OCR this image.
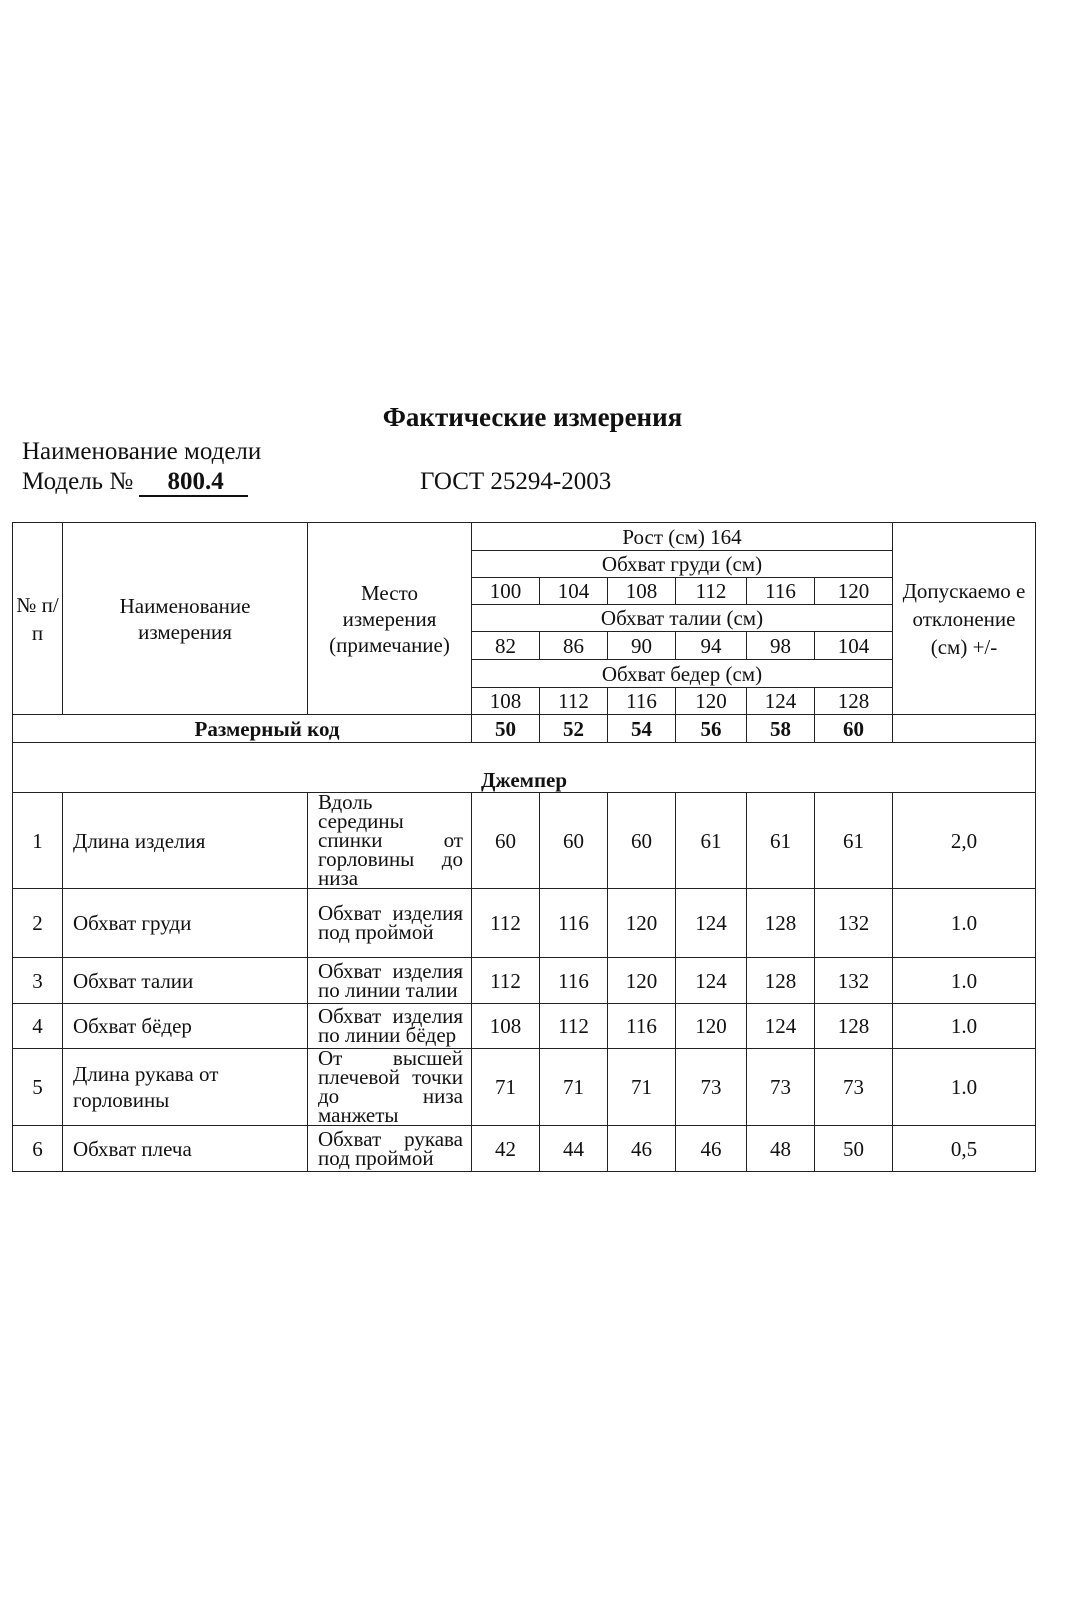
Фактические измерения
Наименование модели
Модель № 800.4	ГОСТ 25294-2003
№ п/ п	Наименование измерения	Место измерения (примечание)	Рост (см) 164						Допускаемо е отклонение (см) +/-
			Обхват груди (см)						
			100	104	108	112	116	120	
			Обхват талии (см)						
			82	86	90	94	98	104	
			Обхват бедер (см)						
			108	112	116	120	124	128	
Размерный код			50	52	54	56	58	60	
Джемпер									
1	Длина изделия	Вдоль середины спинки от горловины до низа	60	60	60	61	61	61	2,0
2	Обхват груди	Обхват изделия под проймой	112	116	120	124	128	132	1.0
3	Обхват талии	Обхват изделия по линии талии	112	116	120	124	128	132	1.0
4	Обхват бёдер	Обхват изделия по линии бёдер	108	112	116	120	124	128	1.0
5	Длина рукава от горловины	От высшей плечевой точки до низа манжеты	71	71	71	73	73	73	1.0
6	Обхват плеча	Обхват рукава под проймой	42	44	46	46	48	50	0,5
